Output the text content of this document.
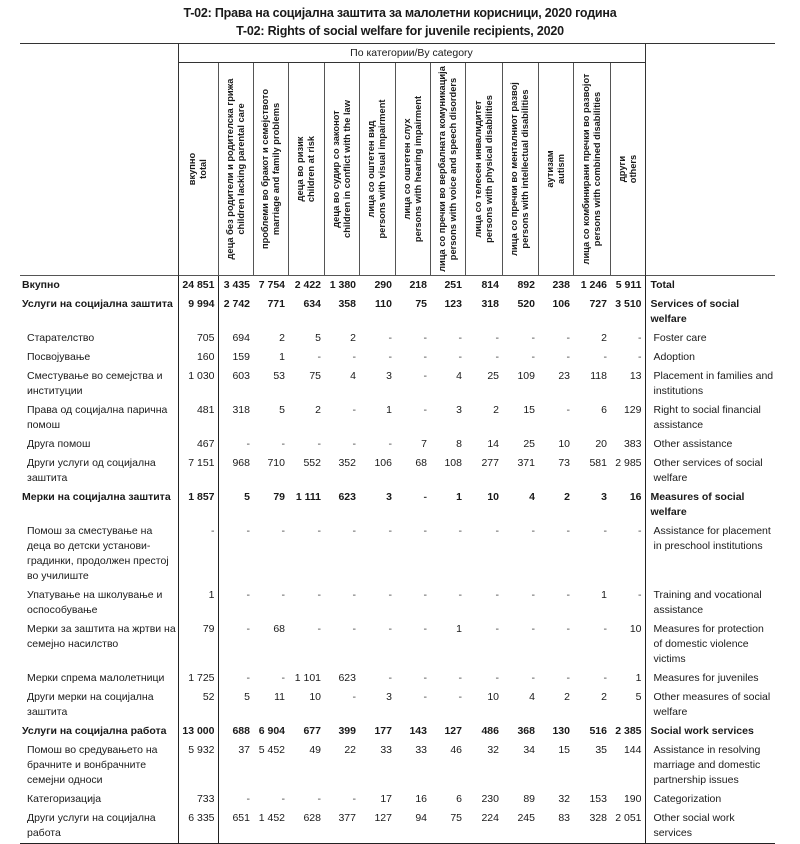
T-02: Права на социјална заштита за малолетни корисници, 2020 година
T-02: Rights of social welfare for juvenile recipients, 2020
	По категории/By category													

	вкупно total	деца без родители и родителска грижа children lacking parental care	проблеми во бракот и семејството marriage and family problems	деца во ризик children at risk	деца во судир со законот children in conflict with the law	лица со оштетен вид persons with visual impairment	лица со оштетен слух persons with hearing impairment	лица со пречки во вербалната комуникација persons with voice and speech disorders	лица со телесен инвалидитет persons with physical disabilities	лица со пречки во менталниот развој persons with intellectual disabilities	аутизам autism	лица со комбинирани пречки во развојот persons with combined disabilities	други others	

Вкупно	24 851	3 435	7 754	2 422	1 380	290	218	251	814	892	238	1 246	5 911	Total
Услуги на социјална заштита	9 994	2 742	771	634	358	110	75	123	318	520	106	727	3 510	Services of social welfare
Старателство	705	694	2	5	2	-	-	-	-	-	-	2	-	Foster care
Посвојување	160	159	1	-	-	-	-	-	-	-	-	-	-	Adoption
Сместување во семејства и институции	1 030	603	53	75	4	3	-	4	25	109	23	118	13	Placement in families and institutions
Права од социјална парична помош	481	318	5	2	-	1	-	3	2	15	-	6	129	Right to social financial assistance
Друга помош	467	-	-	-	-	-	7	8	14	25	10	20	383	Other assistance
Други услуги од социјална заштита	7 151	968	710	552	352	106	68	108	277	371	73	581	2 985	Other services of social welfare
Мерки на социјална заштита	1 857	5	79	1 111	623	3	-	1	10	4	2	3	16	Measures of social welfare
Помош за сместување на деца во детски установи-градинки, продолжен престој во училиште	-	-	-	-	-	-	-	-	-	-	-	-	-	Assistance for placement in preschool institutions
Упатување на школување и оспособување	1	-	-	-	-	-	-	-	-	-	-	1	-	Training and vocational assistance
Мерки за заштита на жртви на семејно насилство	79	-	68	-	-	-	-	1	-	-	-	-	10	Measures for protection of domestic violence victims
Мерки спрема малолетници	1 725	-	-	1 101	623	-	-	-	-	-	-	-	1	Measures for juveniles
Други мерки на социјална заштита	52	5	11	10	-	3	-	-	10	4	2	2	5	Other measures of social welfare
Услуги на социјална работа	13 000	688	6 904	677	399	177	143	127	486	368	130	516	2 385	Social work services
Помош во средувањето на брачните и вонбрачните семејни односи	5 932	37	5 452	49	22	33	33	46	32	34	15	35	144	Assistance in resolving marriage and domestic partnership issues
Категоризација	733	-	-	-	-	17	16	6	230	89	32	153	190	Categorization
Други услуги на социјална работа	6 335	651	1 452	628	377	127	94	75	224	245	83	328	2 051	Other social work services
